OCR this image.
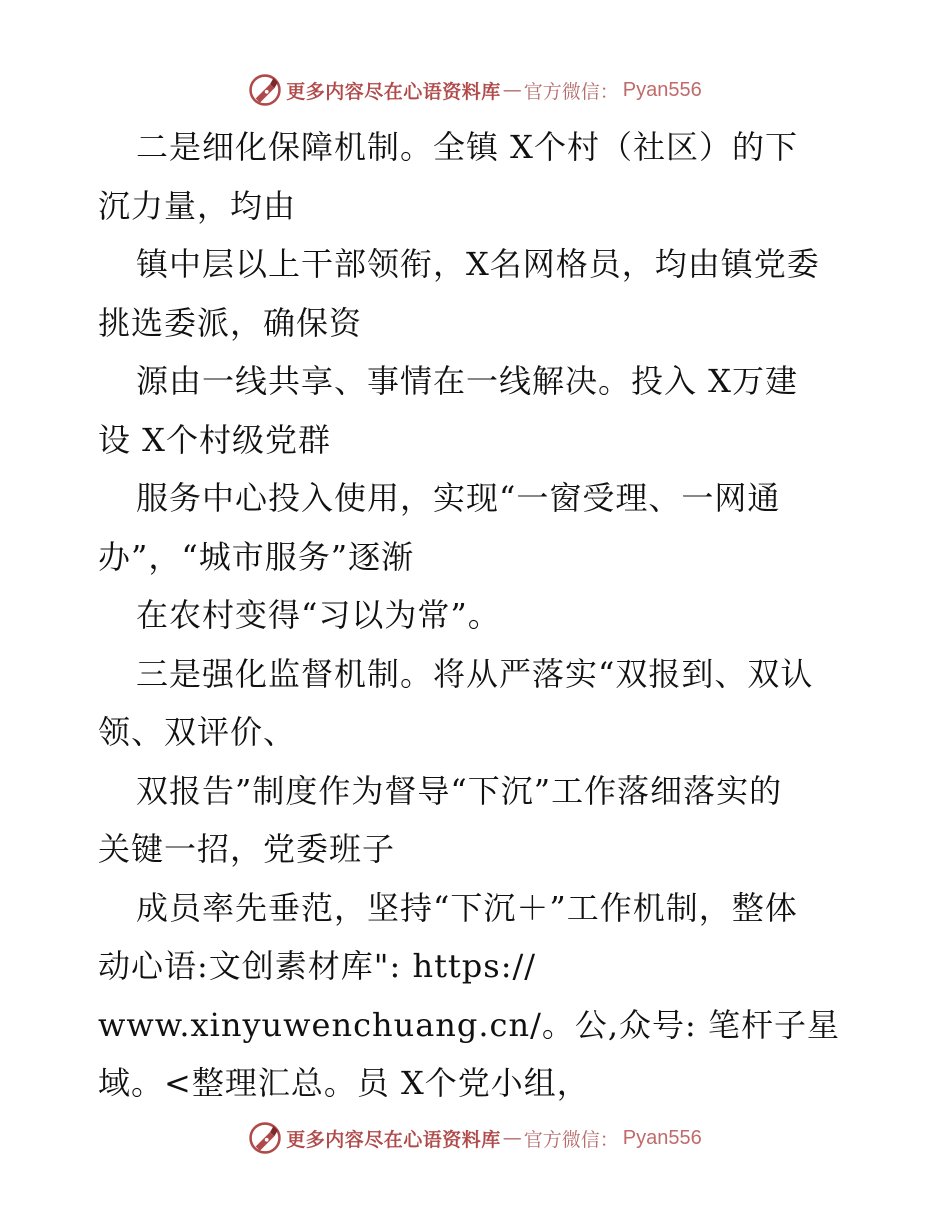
更多内容尽在心语资料库 — 官方微信： Pyan556
二是细化保障机制。全镇 X个村（社区）的下
沉力量，均由
镇中层以上干部领衔，X名网格员，均由镇党委
挑选委派，确保资
源由一线共享、事情在一线解决。投入 X万建
设 X个村级党群
服务中心投入使用，实现“一窗受理、一网通
办”，“城市服务”逐渐
在农村变得“习以为常”。
三是强化监督机制。将从严落实“双报到、双认
领、双评价、
双报告”制度作为督导“下沉”工作落细落实的
关键一招，党委班子
成员率先垂范，坚持“下沉＋”工作机制，整体
动心语:文创素材库": https://
www.xinyuwenchuang.cn/。公,众号: 笔杆子星
域。<整理汇总。员 X个党小组，
更多内容尽在心语资料库 — 官方微信： Pyan556
